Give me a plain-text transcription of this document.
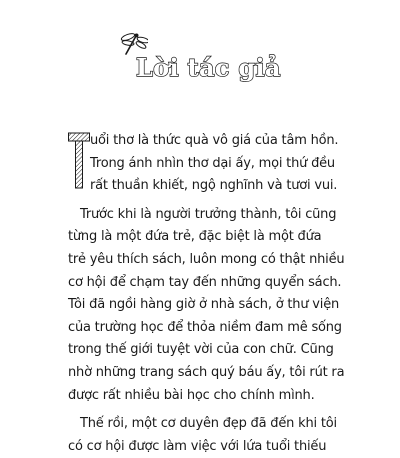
Lời tác giả
uổi thơ là thức quà vô giá của tâm hồn.
Trong ánh nhìn thơ dại ấy, mọi thứ đều
rất thuần khiết, ngộ nghĩnh và tươi vui.
Trước khi là người trưởng thành, tôi cũng
từng là một đứa trẻ, đặc biệt là một đứa
trẻ yêu thích sách, luôn mong có thật nhiều
cơ hội để chạm tay đến những quyển sách.
Tôi đã ngồi hàng giờ ở nhà sách, ở thư viện
của trường học để thỏa niềm đam mê sống
trong thế giới tuyệt vời của con chữ. Cũng
nhờ những trang sách quý báu ấy, tôi rút ra
được rất nhiều bài học cho chính mình.
Thế rồi, một cơ duyên đẹp đã đến khi tôi
có cơ hội được làm việc với lứa tuổi thiếu
